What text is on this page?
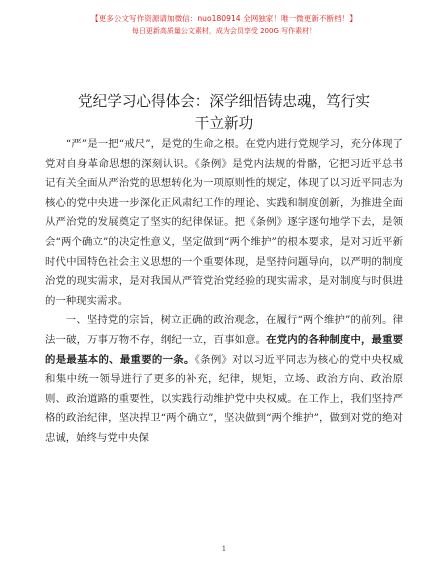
【更多公文写作资源请加微信：nuo180914 全网独家！唯一微更新不断档！】
每日更新高质量公文素材，成为会员享受 200G 写作素材！
党纪学习心得体会：深学细悟铸忠魂，笃行实
干立新功

“严”是一把“戒尺”，是党的生命之根。在党内进行党规学习，充分体现了党对自身革命思想的深刻认识。《条例》是党内法规的骨骼，它把习近平总书记有关全面从严治党的思想转化为一项原则性的规定，体现了以习近平同志为核心的党中央进一步深化正风肃纪工作的理论、实践和制度创新，为推进全面从严治党的发展奠定了坚实的纪律保证。把《条例》逐字逐句地学下去，是领会“两个确立”的决定性意义，坚定做到“两个维护”的根本要求，是对习近平新时代中国特色社会主义思想的一个重要体现，是坚持问题导向，以严明的制度治党的现实需求，是对我国从严管党治党经验的现实需求，是对制度与时俱进的一种现实需求。

一、坚持党的宗旨，树立正确的政治观念，在履行“两个维护”的前列。律法一破，万事万物不存，纲纪一立，百事如意。在党内的各种制度中，最重要的是最基本的、最重要的一条。《条例》对以习近平同志为核心的党中央权威和集中统一领导进行了更多的补充，纪律，规矩，立场、政治方向、政治原则、政治道路的重要性，以实践行动维护党中央权威。在工作上，我们坚持严格的政治纪律，坚决捍卫“两个确立”，坚决做到“两个维护”，做到对党的绝对忠诚，始终与党中央保

1
